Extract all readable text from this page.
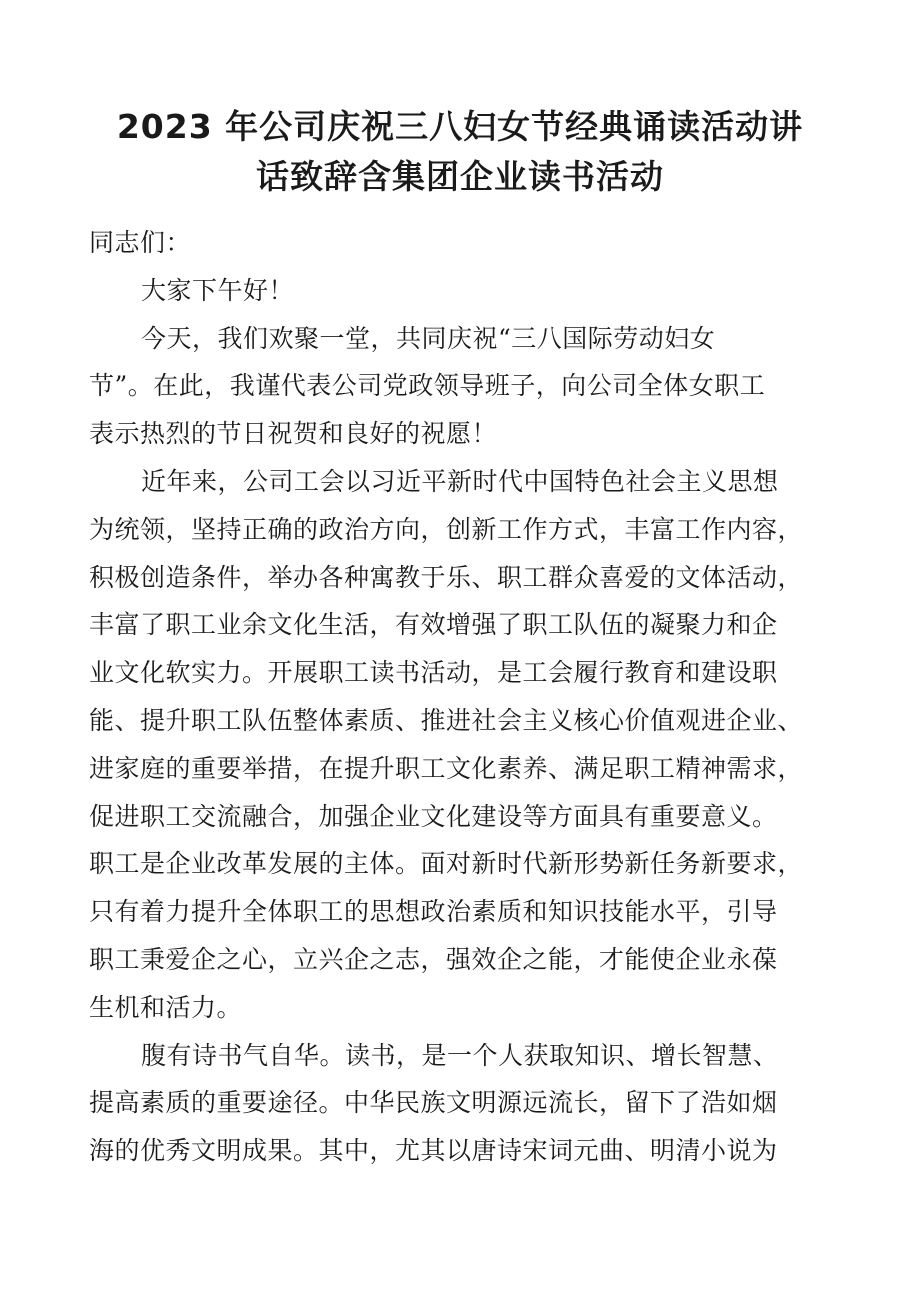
2023 年公司庆祝三八妇女节经典诵读活动讲
话致辞含集团企业读书活动
同志们：
大家下午好！
今天，我们欢聚一堂，共同庆祝“三八国际劳动妇女
节”。在此，我谨代表公司党政领导班子，向公司全体女职工
表示热烈的节日祝贺和良好的祝愿！
近年来，公司工会以习近平新时代中国特色社会主义思想
为统领，坚持正确的政治方向，创新工作方式，丰富工作内容，
积极创造条件，举办各种寓教于乐、职工群众喜爱的文体活动，
丰富了职工业余文化生活，有效增强了职工队伍的凝聚力和企
业文化软实力。开展职工读书活动，是工会履行教育和建设职
能、提升职工队伍整体素质、推进社会主义核心价值观进企业、
进家庭的重要举措，在提升职工文化素养、满足职工精神需求，
促进职工交流融合，加强企业文化建设等方面具有重要意义。
职工是企业改革发展的主体。面对新时代新形势新任务新要求，
只有着力提升全体职工的思想政治素质和知识技能水平，引导
职工秉爱企之心，立兴企之志，强效企之能，才能使企业永葆
生机和活力。
腹有诗书气自华。读书，是一个人获取知识、增长智慧、
提高素质的重要途径。中华民族文明源远流长，留下了浩如烟
海的优秀文明成果。其中，尤其以唐诗宋词元曲、明清小说为
